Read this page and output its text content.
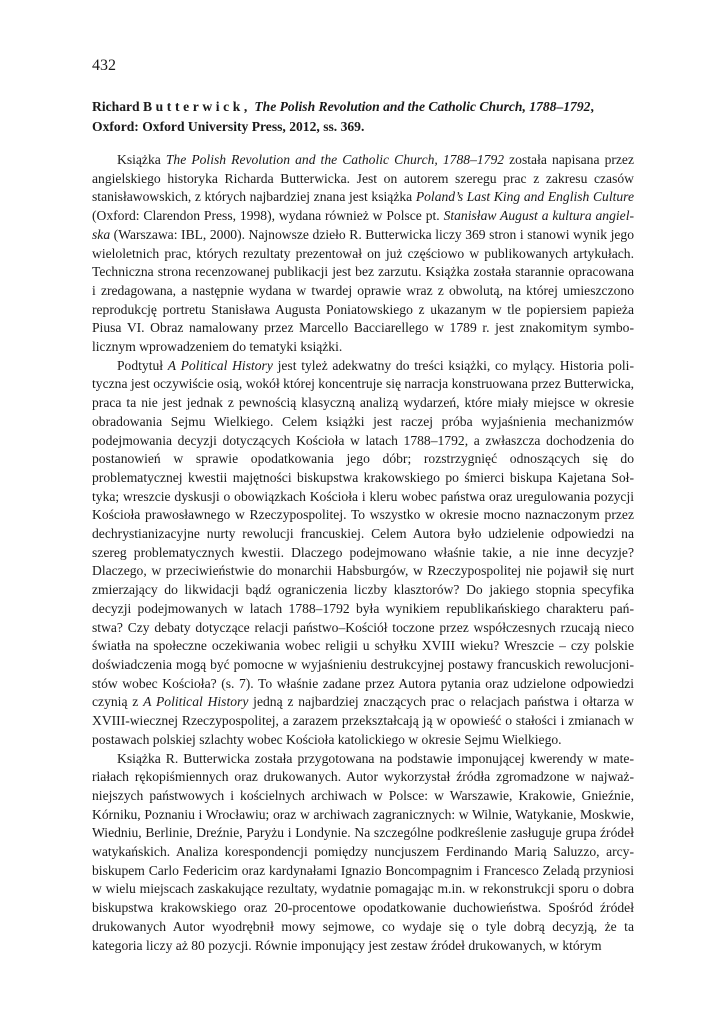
432
Richard Butterwick, The Polish Revolution and the Catholic Church, 1788–1792,
Oxford: Oxford University Press, 2012, ss. 369.

Książka The Polish Revolution and the Catholic Church, 1788–1792 została napisana przez angielskiego historyka Richarda Butterwicka. Jest on autorem szeregu prac z zakresu czasów stanisławowskich, z których najbardziej znana jest książka Poland’s Last King and English Culture (Oxford: Clarendon Press, 1998), wydana również w Polsce pt. Stanisław August a kultura angielska (Warszawa: IBL, 2000). Najnowsze dzieło R. Butterwicka liczy 369 stron i stanowi wynik jego wieloletnich prac, których rezultaty prezentował on już częściowo w publikowanych artykułach. Techniczna strona recenzowanej publikacji jest bez zarzutu. Książka została starannie opracowana i zredagowana, a następnie wydana w twardej oprawie wraz z obwolutą, na której umieszczono reprodukcję portretu Stanisława Augusta Poniatowskiego z ukazanym w tle popiersiem papieża Piusa VI. Obraz namalowany przez Marcello Bacciarellego w 1789 r. jest znakomitym symbolicznym wprowadzeniem do tematyki książki.

Podtytuł A Political History jest tyleż adekwatny do treści książki, co mylący. Historia polityczna jest oczywiście osią, wokół której koncentruje się narracja konstruowana przez Butterwicka, praca ta nie jest jednak z pewnością klasyczną analizą wydarzeń, które miały miejsce w okresie obradowania Sejmu Wielkiego. Celem książki jest raczej próba wyjaśnienia mechanizmów podejmowania decyzji dotyczących Kościoła w latach 1788–1792, a zwłaszcza dochodzenia do postanowień w sprawie opodatkowania jego dóbr; rozstrzygnięć odnoszących się do problematycznej kwestii majętności biskupstwa krakowskiego po śmierci biskupa Kajetana Sołtyka; wreszcie dyskusji o obowiązkach Kościoła i kleru wobec państwa oraz uregulowania pozycji Kościoła prawosławnego w Rzeczypospolitej. To wszystko w okresie mocno naznaczonym przez dechrystianizacyjne nurty rewolucji francuskiej. Celem Autora było udzielenie odpowiedzi na szereg problematycznych kwestii. Dlaczego podejmowano właśnie takie, a nie inne decyzje? Dlaczego, w przeciwieństwie do monarchii Habsburgów, w Rzeczypospolitej nie pojawił się nurt zmierzający do likwidacji bądź ograniczenia liczby klasztorów? Do jakiego stopnia specyfika decyzji podejmowanych w latach 1788–1792 była wynikiem republikańskiego charakteru państwa? Czy debaty dotyczące relacji państwo–Kościół toczone przez współczesnych rzucają nieco światła na społeczne oczekiwania wobec religii u schyłku XVIII wieku? Wreszcie – czy polskie doświadczenia mogą być pomocne w wyjaśnieniu destrukcyjnej postawy francuskich rewolucjonistów wobec Kościoła? (s. 7). To właśnie zadane przez Autora pytania oraz udzielone odpowiedzi czynią z A Political History jedną z najbardziej znaczących prac o relacjach państwa i ołtarza w XVIII-wiecznej Rzeczypospolitej, a zarazem przekształcają ją w opowieść o stałości i zmianach w postawach polskiej szlachty wobec Kościoła katolickiego w okresie Sejmu Wielkiego.

Książka R. Butterwicka została przygotowana na podstawie imponującej kwerendy w materiałach rękopiśmiennych oraz drukowanych. Autor wykorzystał źródła zgromadzone w najważniejszych państwowych i kościelnych archiwach w Polsce: w Warszawie, Krakowie, Gnieźnie, Kórniku, Poznaniu i Wrocławiu; oraz w archiwach zagranicznych: w Wilnie, Watykanie, Moskwie, Wiedniu, Berlinie, Dreźnie, Paryżu i Londynie. Na szczególne podkreślenie zasługuje grupa źródeł watykańskich. Analiza korespondencji pomiędzy nuncjuszem Ferdinando Marią Saluzzo, arcybiskupem Carlo Federicim oraz kardynałami Ignazio Boncompagnim i Francesco Zeladą przyniosi w wielu miejscach zaskakujące rezultaty, wydatnie pomagając m.in. w rekonstrukcji sporu o dobra biskupstwa krakowskiego oraz 20-procentowe opodatkowanie duchowieństwa. Spośród źródeł drukowanych Autor wyodrębnił mowy sejmowe, co wydaje się o tyle dobrą decyzją, że ta kategoria liczy aż 80 pozycji. Równie imponujący jest zestaw źródeł drukowanych, w którym
